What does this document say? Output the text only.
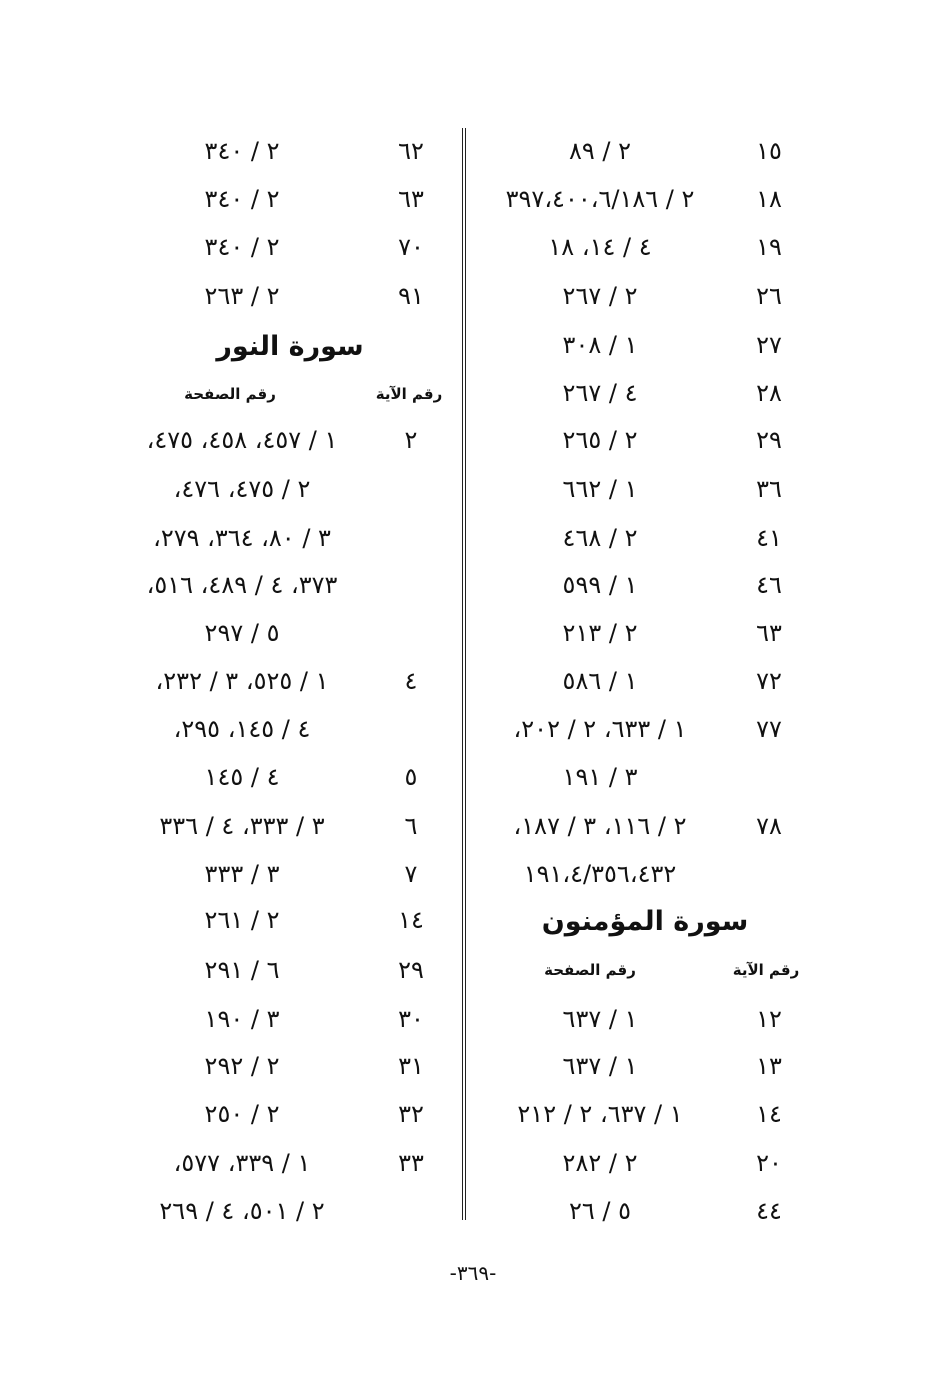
١٥
٢ / ٨٩
١٨
٢ / ٣٩٧،٤٠٠،٦/١٨٦
١٩
٤ / ١٤، ١٨
٢٦
٢ / ٢٦٧
٢٧
١ / ٣٠٨
٢٨
٤ / ٢٦٧
٢٩
٢ / ٢٦٥
٣٦
١ / ٦٦٢
٤١
٢ / ٤٦٨
٤٦
١ / ٥٩٩
٦٣
٢ / ٢١٣
٧٢
١ / ٥٨٦
٧٧
١ / ٦٣٣، ٢ / ٢٠٢،
٣ / ١٩١
٧٨
٢ / ١١٦، ٣ / ١٨٧،
١٩١،٤/٣٥٦،٤٣٢
سورة المؤمنون
رقم الآية
رقم الصفحة
١٢
١ / ٦٣٧
١٣
١ / ٦٣٧
١٤
١ / ٦٣٧، ٢ / ٢١٢
٢٠
٢ / ٢٨٢
٤٤
٥ / ٢٦
٦٢
٢ / ٣٤٠
٦٣
٢ / ٣٤٠
٧٠
٢ / ٣٤٠
٩١
٢ / ٢٦٣
سورة النور
رقم الآية
رقم الصفحة
٢
١ / ٤٥٧، ٤٥٨، ٤٧٥،
٢ / ٤٧٥، ٤٧٦،
٣ / ٨٠، ٣٦٤، ٢٧٩،
٣٧٣، ٤ / ٤٨٩، ٥١٦،
٥ / ٢٩٧
٤
١ / ٥٢٥، ٣ / ٢٣٢،
٤ / ١٤٥، ٢٩٥،
٥
٤ / ١٤٥
٦
٣ / ٣٣٣، ٤ / ٣٣٦
٧
٣ / ٣٣٣
١٤
٢ / ٢٦١
٢٩
٦ / ٢٩١
٣٠
٣ / ١٩٠
٣١
٢ / ٢٩٢
٣٢
٢ / ٢٥٠
٣٣
١ / ٣٣٩، ٥٧٧،
٢ / ٥٠١، ٤ / ٢٦٩
-٣٦٩-
